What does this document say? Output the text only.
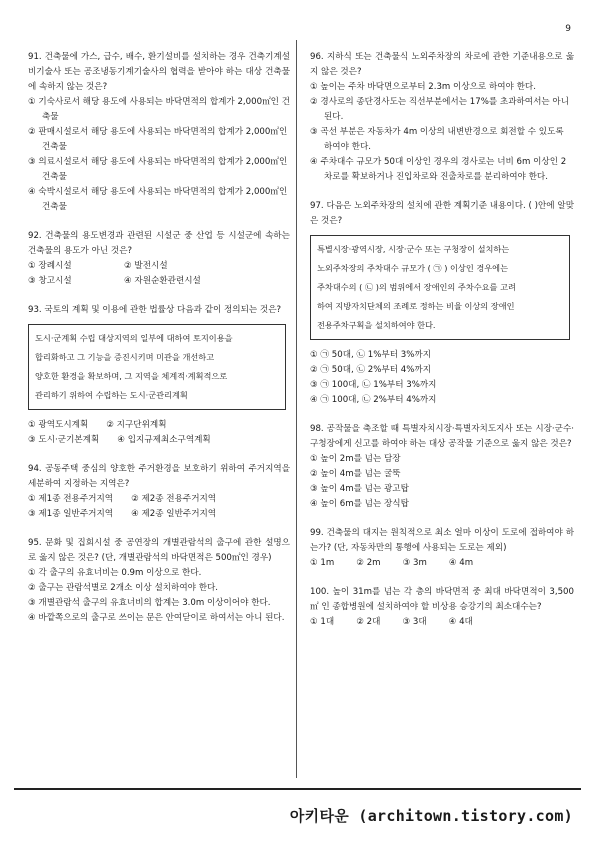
9
91. 건축물에 가스, 급수, 배수, 환기설비를 설치하는 경우 건축기계설비기술사 또는 공조냉동기계기술사의 협력을 받아야 하는 대상 건축물에 속하지 않는 것은?
① 기숙사로서 해당 용도에 사용되는 바닥면적의 합계가 2,000㎡인 건축물
② 판매시설로서 해당 용도에 사용되는 바닥면적의 합계가 2,000㎡인 건축물
③ 의료시설로서 해당 용도에 사용되는 바닥면적의 합계가 2,000㎡인 건축물
④ 숙박시설로서 해당 용도에 사용되는 바닥면적의 합계가 2,000㎡인 건축물
92. 건축물의 용도변경과 관련된 시설군 중 산업 등 시설군에 속하는 건축물의 용도가 아닌 것은?
① 장례시설	② 발전시설
③ 창고시설	④ 자원순환관련시설
93. 국토의 계획 및 이용에 관한 법률상 다음과 같이 정의되는 것은?
도시·군계획 수립 대상지역의 일부에 대하여 토지이용을
합리화하고 그 기능을 증진시키며 미관을 개선하고
양호한 환경을 확보하며, 그 지역을 체계적·계획적으로
관리하기 위하여 수립하는 도시·군관리계획
① 광역도시계획 ② 지구단위계획
③ 도시·군기본계획 ④ 입지규제최소구역계획
94. 공동주택 중심의 양호한 주거환경을 보호하기 위하여 주거지역을 세분하여 지정하는 지역은?
① 제1종 전용주거지역 ② 제2종 전용주거지역
③ 제1종 일반주거지역 ④ 제2종 일반주거지역
95. 문화 및 집회시설 중 공연장의 개별관람석의 출구에 관한 설명으로 옳지 않은 것은? (단, 개별관람석의 바닥면적은 500㎡인 경우)
① 각 출구의 유효너비는 0.9m 이상으로 한다.
② 출구는 관람석별로 2개소 이상 설치하여야 한다.
③ 개별관람석 출구의 유효너비의 합계는 3.0m 이상이어야 한다.
④ 바깥쪽으로의 출구로 쓰이는 문은 안여닫이로 하여서는 아니 된다.
96. 지하식 또는 건축물식 노외주차장의 차로에 관한 기준내용으로 옳지 않은 것은?
① 높이는 주차 바닥면으로부터 2.3m 이상으로 하여야 한다.
② 경사로의 종단경사도는 직선부분에서는 17%를 초과하여서는 아니 된다.
③ 곡선 부분은 자동차가 4m 이상의 내변반경으로 회전할 수 있도록 하여야 한다.
④ 주차대수 규모가 50대 이상인 경우의 경사로는 너비 6m 이상인 2차로를 확보하거나 진입차로와 진출차로를 분리하여야 한다.
97. 다음은 노외주차장의 설치에 관한 계획기준 내용이다. ( )안에 알맞은 것은?
특별시장·광역시장, 시장·군수 또는 구청장이 설치하는
노외주차장의 주차대수 규모가 ( ㉠ ) 이상인 경우에는
주차대수의 ( ㉡ )의 범위에서 장애인의 주차수요를 고려
하여 지방자치단체의 조례로 정하는 비율 이상의 장애인
전용주차구획을 설치하여야 한다.
① ㉠ 50대, ㉡ 1%부터 3%까지
② ㉠ 50대, ㉡ 2%부터 4%까지
③ ㉠ 100대, ㉡ 1%부터 3%까지
④ ㉠ 100대, ㉡ 2%부터 4%까지
98. 공작물을 축조할 때 특별자치시장·특별자치도지사 또는 시장·군수·구청장에게 신고를 하여야 하는 대상 공작물 기준으로 옳지 않은 것은?
① 높이 2m를 넘는 담장
② 높이 4m를 넘는 굴뚝
③ 높이 4m를 넘는 광고탑
④ 높이 6m를 넘는 장식탑
99. 건축물의 대지는 원칙적으로 최소 얼마 이상이 도로에 접하여야 하는가? (단, 자동차만의 통행에 사용되는 도로는 제외)
① 1m	② 2m	③ 3m	④ 4m
100. 높이 31m를 넘는 각 층의 바닥면적 중 최대 바닥면적이 3,500㎡ 인 종합병원에 설치하여야 할 비상용 승강기의 최소대수는?
① 1대	② 2대	③ 3대	④ 4대
아키타운 (architown.tistory.com)
